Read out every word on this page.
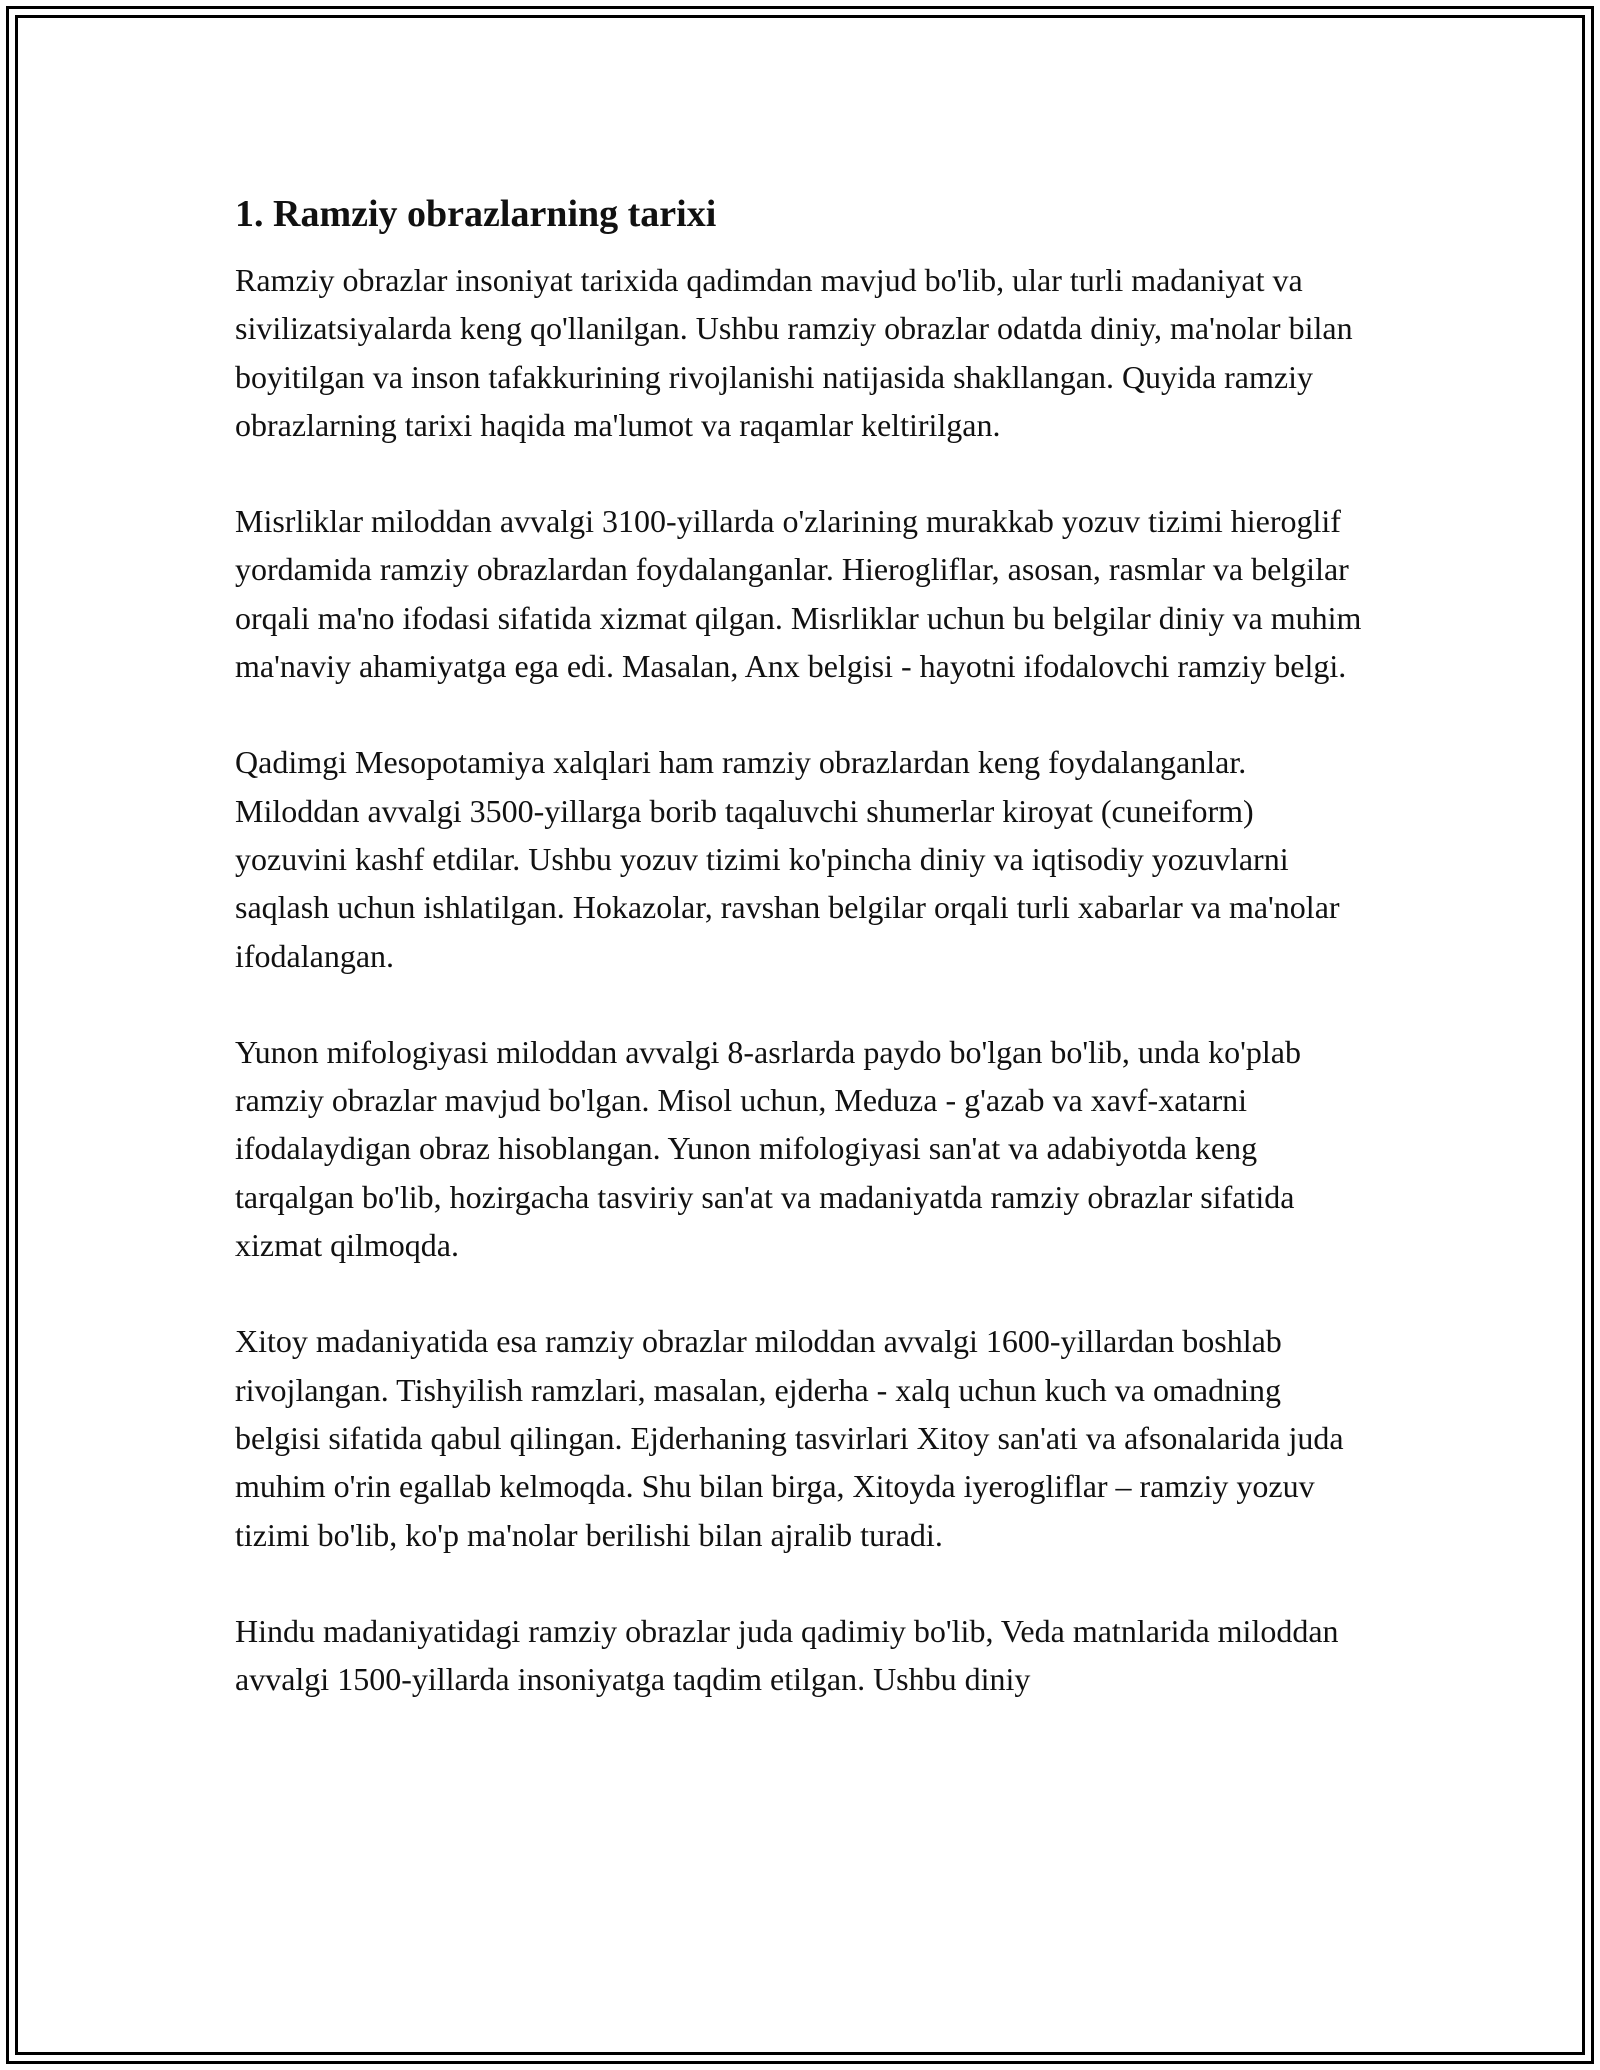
1. Ramziy obrazlarning tarixi

Ramziy obrazlar insoniyat tarixida qadimdan mavjud bo'lib, ular turli madaniyat va sivilizatsiyalarda keng qo'llanilgan. Ushbu ramziy obrazlar odatda diniy, ma'nolar bilan boyitilgan va inson tafakkurining rivojlanishi natijasida shakllangan. Quyida ramziy obrazlarning tarixi haqida ma'lumot va raqamlar keltirilgan.

Misrliklar miloddan avvalgi 3100-yillarda o'zlarining murakkab yozuv tizimi hieroglif yordamida ramziy obrazlardan foydalanganlar. Hierogliflar, asosan, rasmlar va belgilar orqali ma'no ifodasi sifatida xizmat qilgan. Misrliklar uchun bu belgilar diniy va muhim ma'naviy ahamiyatga ega edi. Masalan, Anx belgisi - hayotni ifodalovchi ramziy belgi.

Qadimgi Mesopotamiya xalqlari ham ramziy obrazlardan keng foydalanganlar. Miloddan avvalgi 3500-yillarga borib taqaluvchi shumerlar kiroyat (cuneiform) yozuvini kashf etdilar. Ushbu yozuv tizimi ko'pincha diniy va iqtisodiy yozuvlarni saqlash uchun ishlatilgan. Hokazolar, ravshan belgilar orqali turli xabarlar va ma'nolar ifodalangan.

Yunon mifologiyasi miloddan avvalgi 8-asrlarda paydo bo'lgan bo'lib, unda ko'plab ramziy obrazlar mavjud bo'lgan. Misol uchun, Meduza - g'azab va xavf-xatarni ifodalaydigan obraz hisoblangan. Yunon mifologiyasi san'at va adabiyotda keng tarqalgan bo'lib, hozirgacha tasviriy san'at va madaniyatda ramziy obrazlar sifatida xizmat qilmoqda.

Xitoy madaniyatida esa ramziy obrazlar miloddan avvalgi 1600-yillardan boshlab rivojlangan. Tishyilish ramzlari, masalan, ejderha - xalq uchun kuch va omadning belgisi sifatida qabul qilingan. Ejderhaning tasvirlari Xitoy san'ati va afsonalarida juda muhim o'rin egallab kelmoqda. Shu bilan birga, Xitoyda iyerogliflar – ramziy yozuv tizimi bo'lib, ko'p ma'nolar berilishi bilan ajralib turadi.

Hindu madaniyatidagi ramziy obrazlar juda qadimiy bo'lib, Veda matnlarida miloddan avvalgi 1500-yillarda insoniyatga taqdim etilgan. Ushbu diniy
